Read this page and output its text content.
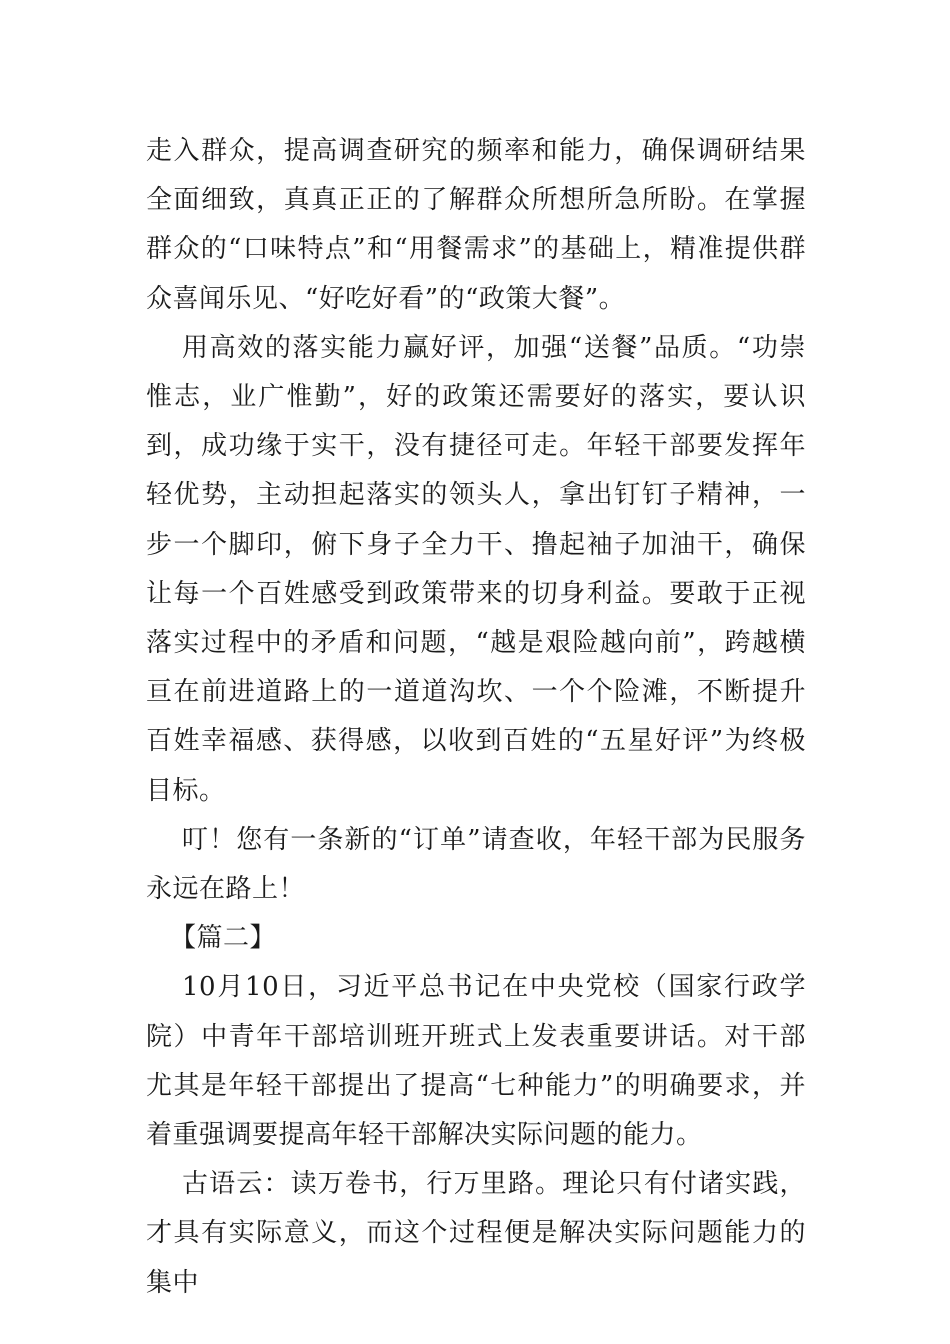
走入群众，提高调查研究的频率和能力，确保调研结果全面细致，真真正正的了解群众所想所急所盼。在掌握群众的“口味特点”和“用餐需求”的基础上，精准提供群众喜闻乐见、“好吃好看”的“政策大餐”。

用高效的落实能力赢好评，加强“送餐”品质。“功崇惟志，业广惟勤”，好的政策还需要好的落实，要认识到，成功缘于实干，没有捷径可走。年轻干部要发挥年轻优势，主动担起落实的领头人，拿出钉钉子精神，一步一个脚印，俯下身子全力干、撸起袖子加油干，确保让每一个百姓感受到政策带来的切身利益。要敢于正视落实过程中的矛盾和问题，“越是艰险越向前”，跨越横亘在前进道路上的一道道沟坎、一个个险滩，不断提升百姓幸福感、获得感，以收到百姓的“五星好评”为终极目标。

叮！您有一条新的“订单”请查收，年轻干部为民服务永远在路上！

【篇二】

10月10日，习近平总书记在中央党校（国家行政学院）中青年干部培训班开班式上发表重要讲话。对干部尤其是年轻干部提出了提高“七种能力”的明确要求，并着重强调要提高年轻干部解决实际问题的能力。

古语云：读万卷书，行万里路。理论只有付诸实践，才具有实际意义，而这个过程便是解决实际问题能力的集中
